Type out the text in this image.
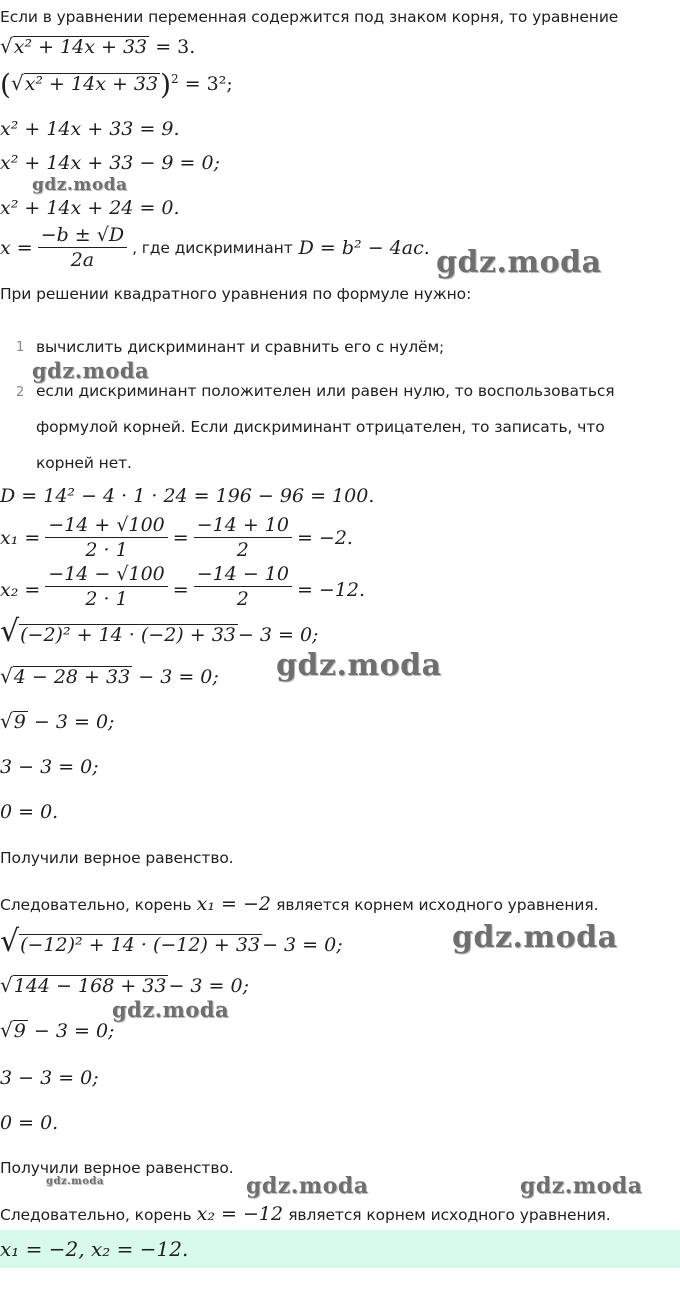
Если в уравнении переменная содержится под знаком корня, то уравнение
√x² + 14x + 33 = 3.
$(√x^2 + 14x + 33)^2 = 3^2$;
x² + 14x + 33 = 9.
x² + 14x + 33 − 9 = 0;
x² + 14x + 24 = 0.
$x = \frac{-b \pm √D}{2a}$ , где дискриминант D = b² − 4ac.
При решении квадратного уравнения по формуле нужно:
1 вычислить дискриминант и сравнить его с нулём;
2 если дискриминант положителен или равен нулю, то воспользоваться
формулой корней. Если дискриминант отрицателен, то записать, что
корней нет.
D = 14² − 4 · 1 · 24 = 196 − 96 = 100.
$x_1 = \frac{-14 + √100}{2 \cdot 1} = \frac{-14 + 10}{2} = -2$.
$x_2 = \frac{-14 - √100}{2 \cdot 1} = \frac{-14 - 10}{2} = -12$.
√(−2)² + 14 · (−2) + 33 − 3 = 0;
√4 − 28 + 33 − 3 = 0;
√9 − 3 = 0;
3 − 3 = 0;
0 = 0.
Получили верное равенство.
Следовательно, корень x₁ = −2 является корнем исходного уравнения.
√(−12)² + 14 · (−12) + 33 − 3 = 0;
√144 − 168 + 33 − 3 = 0;
√9 − 3 = 0;
3 − 3 = 0;
0 = 0.
Получили верное равенство.
Следовательно, корень x₂ = −12 является корнем исходного уравнения.
x₁ = −2, x₂ = −12.
gdz.moda
gdz.moda
gdz.moda
gdz.moda
gdz.moda
gdz.moda
gdz.moda	gdz.moda	gdz.moda
